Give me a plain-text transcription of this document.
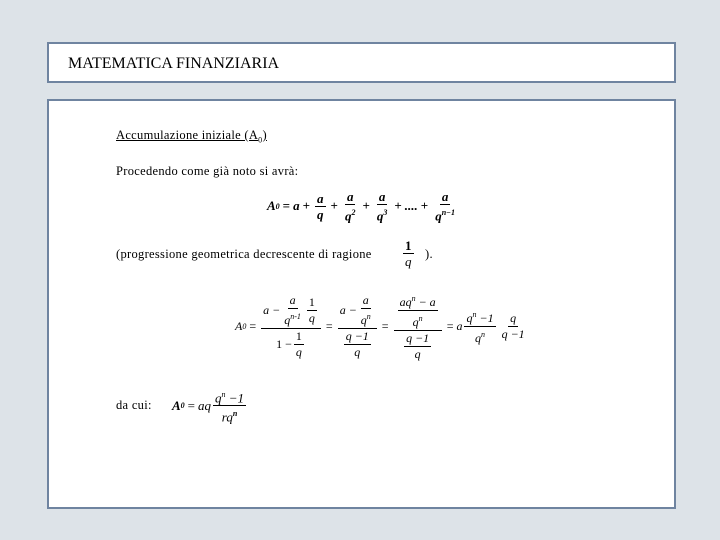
MATEMATICA FINANZIARIA
Accumulazione iniziale $(A_0)$
Procedendo come già noto si avrà:
A $0 = a + \frac{a}{q} + \frac{a}{q^2} + \frac{a}{q^3}$ + .... + $\frac{a}{q^{n-1}}$
(progressione geometrica decrescente di ragione
1
q ).
A 0 =
$a - \frac{a}{q^{n-1}} 1$
q
$1 - \frac{1}{q}$
=
$a - \frac{a}{q^n}$
$\frac{q -1}{q}$
=
$aq^n - a$
$q^n$
$\frac{q -1}{q}$
= a
$q^n -1$
$q^n$
q
q −1
da cui: A 0 = aq $q^n -1$
$rq^n$
